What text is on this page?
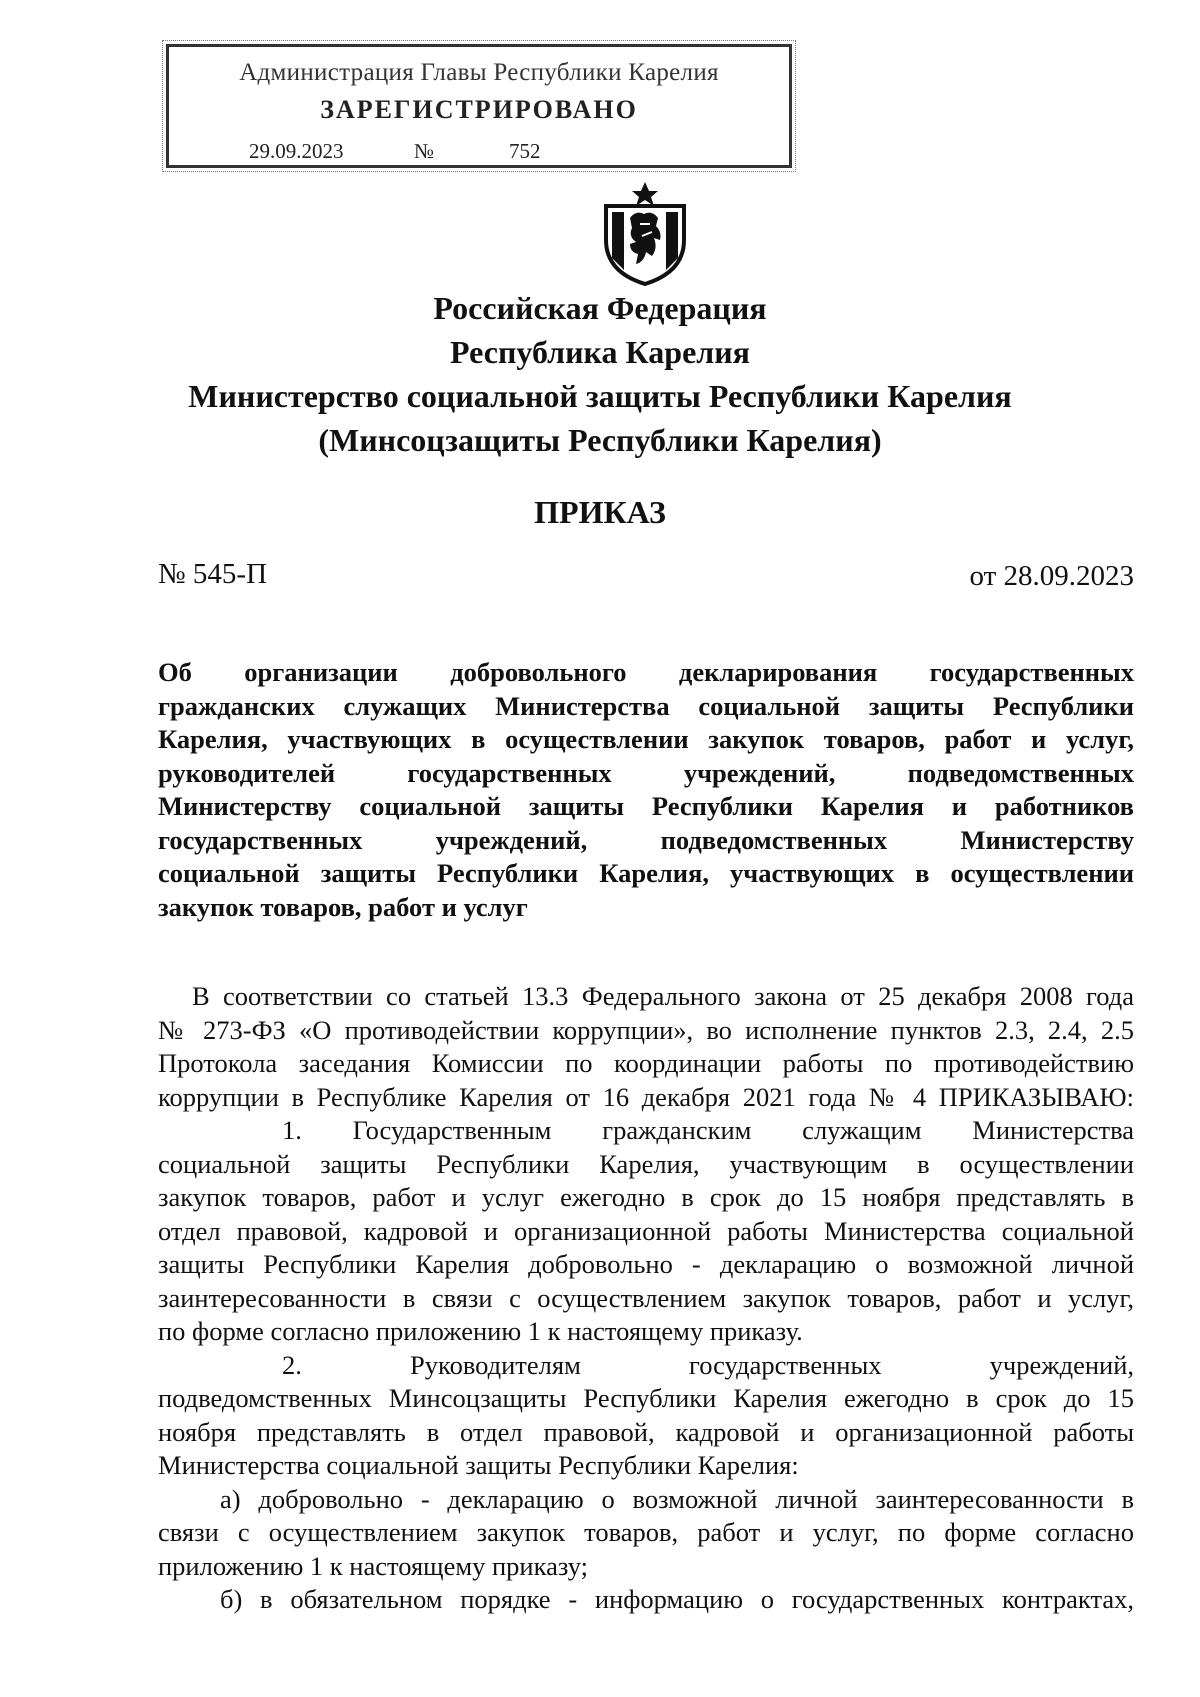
Администрация Главы Республики Карелия
ЗАРЕГИСТРИРОВАНО
29.09.2023	№	752
Российская Федерация
Республика Карелия
Министерство социальной защиты Республики Карелия
(Минсоцзащиты Республики Карелия)
ПРИКАЗ
№ 545-П	от 28.09.2023
Об организации добровольного декларирования государственных
гражданских служащих Министерства социальной защиты Республики
Карелия, участвующих в осуществлении закупок товаров, работ и услуг,
руководителей государственных учреждений, подведомственных
Министерству социальной защиты Республики Карелия и работников
государственных учреждений, подведомственных Министерству
социальной защиты Республики Карелия, участвующих в осуществлении
закупок товаров, работ и услуг
В соответствии со статьей 13.3 Федерального закона от 25 декабря 2008 года
№ 273-ФЗ «О противодействии коррупции», во исполнение пунктов 2.3, 2.4, 2.5
Протокола заседания Комиссии по координации работы по противодействию
коррупции в Республике Карелия от 16 декабря 2021 года № 4 ПРИКАЗЫВАЮ:
1. Государственным гражданским служащим Министерства
социальной защиты Республики Карелия, участвующим в осуществлении
закупок товаров, работ и услуг ежегодно в срок до 15 ноября представлять в
отдел правовой, кадровой и организационной работы Министерства социальной
защиты Республики Карелия добровольно - декларацию о возможной личной
заинтересованности в связи с осуществлением закупок товаров, работ и услуг,
по форме согласно приложению 1 к настоящему приказу.
2. Руководителям государственных учреждений,
подведомственных Минсоцзащиты Республики Карелия ежегодно в срок до 15
ноября представлять в отдел правовой, кадровой и организационной работы
Министерства социальной защиты Республики Карелия:
а) добровольно - декларацию о возможной личной заинтересованности в
связи с осуществлением закупок товаров, работ и услуг, по форме согласно
приложению 1 к настоящему приказу;
б) в обязательном порядке - информацию о государственных контрактах,
